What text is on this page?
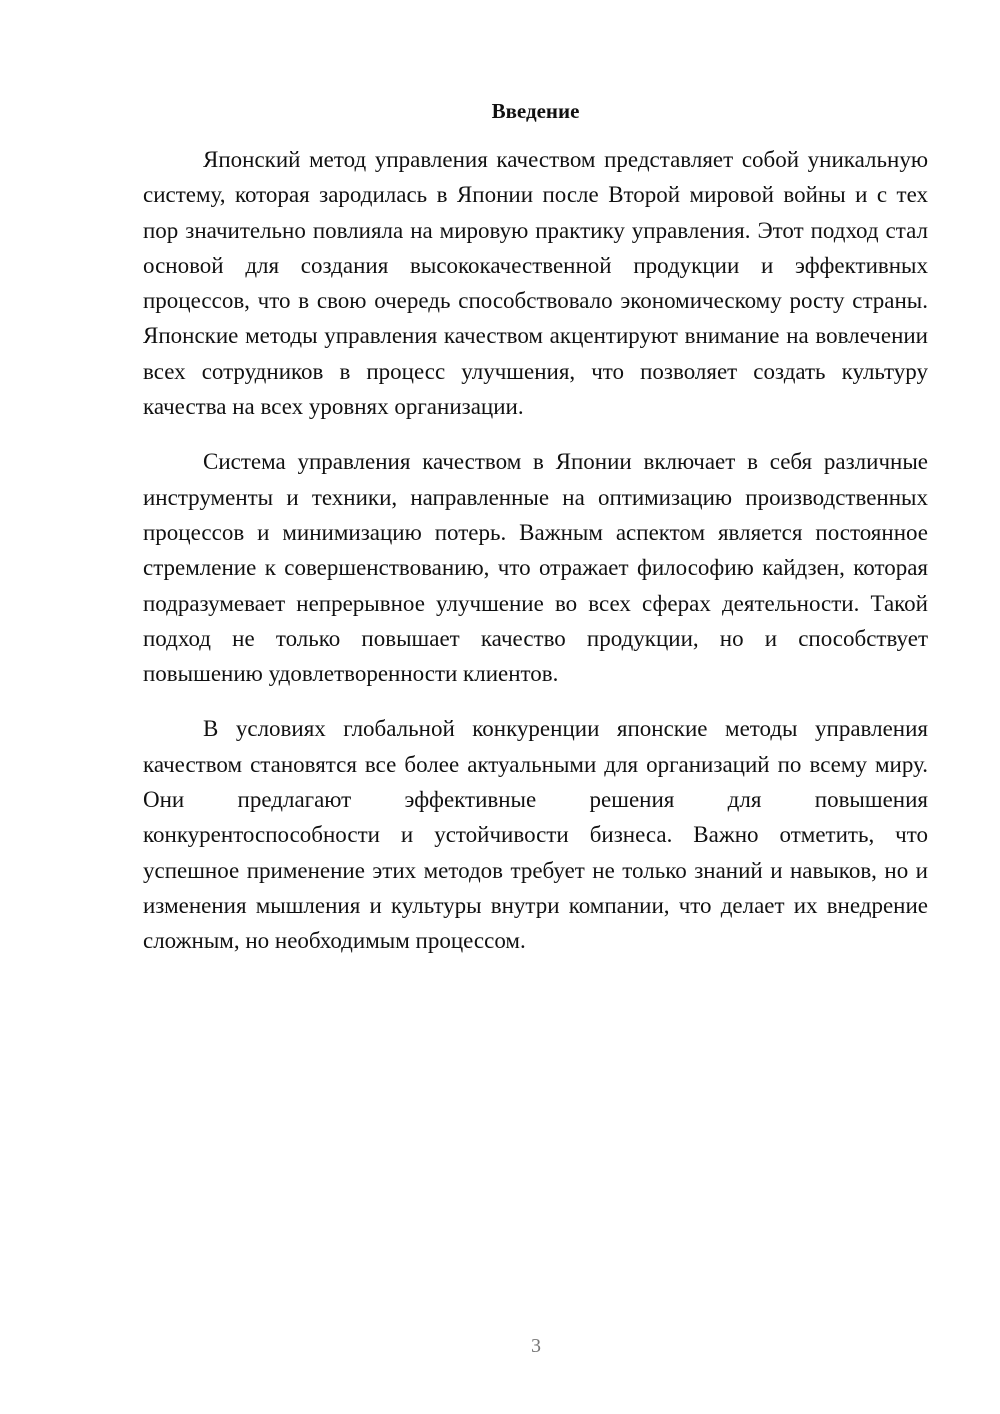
Введение

Японский метод управления качеством представляет собой уникальную систему, которая зародилась в Японии после Второй мировой войны и с тех пор значительно повлияла на мировую практику управления. Этот подход стал основой для создания высококачественной продукции и эффективных процессов, что в свою очередь способствовало экономическому росту страны. Японские методы управления качеством акцентируют внимание на вовлечении всех сотрудников в процесс улучшения, что позволяет создать культуру качества на всех уровнях организации.

Система управления качеством в Японии включает в себя различные инструменты и техники, направленные на оптимизацию производственных процессов и минимизацию потерь. Важным аспектом является постоянное стремление к совершенствованию, что отражает философию кайдзен, которая подразумевает непрерывное улучшение во всех сферах деятельности. Такой подход не только повышает качество продукции, но и способствует повышению удовлетворенности клиентов.

В условиях глобальной конкуренции японские методы управления качеством становятся все более актуальными для организаций по всему миру. Они предлагают эффективные решения для повышения конкурентоспособности и устойчивости бизнеса. Важно отметить, что успешное применение этих методов требует не только знаний и навыков, но и изменения мышления и культуры внутри компании, что делает их внедрение сложным, но необходимым процессом.

3
